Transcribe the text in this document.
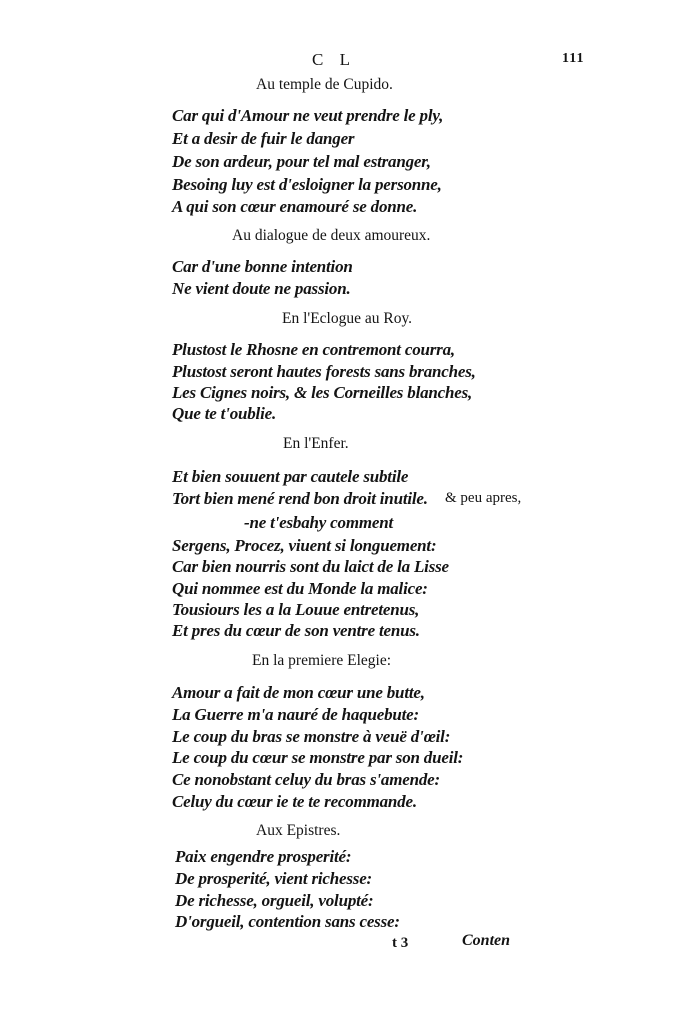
C L	111
Au temple de Cupido.
Car qui d'Amour ne veut prendre le ply,
Et a desir de fuir le danger
De son ardeur, pour tel mal estranger,
Besoing luy est d'esloigner la personne,
A qui son cœur enamouré se donne.
Au dialogue de deux amoureux.
Car d'une bonne intention
Ne vient doute ne passion.
En l'Eclogue au Roy.
Plustost le Rhosne en contremont courra,
Plustost seront hautes forests sans branches,
Les Cignes noirs, & les Corneilles blanches,
Que te t'oublie.
En l'Enfer.
Et bien souuent par cautele subtile
Tort bien mené rend bon droit inutile. & peu apres,
-ne t'esbahy comment
Sergens, Procez, viuent si longuement:
Car bien nourris sont du laict de la Lisse
Qui nommee est du Monde la malice:
Tousiours les a la Louue entretenus,
Et pres du cœur de son ventre tenus.
En la premiere Elegie:
Amour a fait de mon cœur une butte,
La Guerre m'a nauré de haquebute:
Le coup du bras se monstre à veuë d'œil:
Le coup du cœur se monstre par son dueil:
Ce nonobstant celuy du bras s'amende:
Celuy du cœur ie te te recommande.
Aux Epistres.
Paix engendre prosperité:
De prosperité, vient richesse:
De richesse, orgueil, volupté:
D'orgueil, contention sans cesse:
t 3	Conten
